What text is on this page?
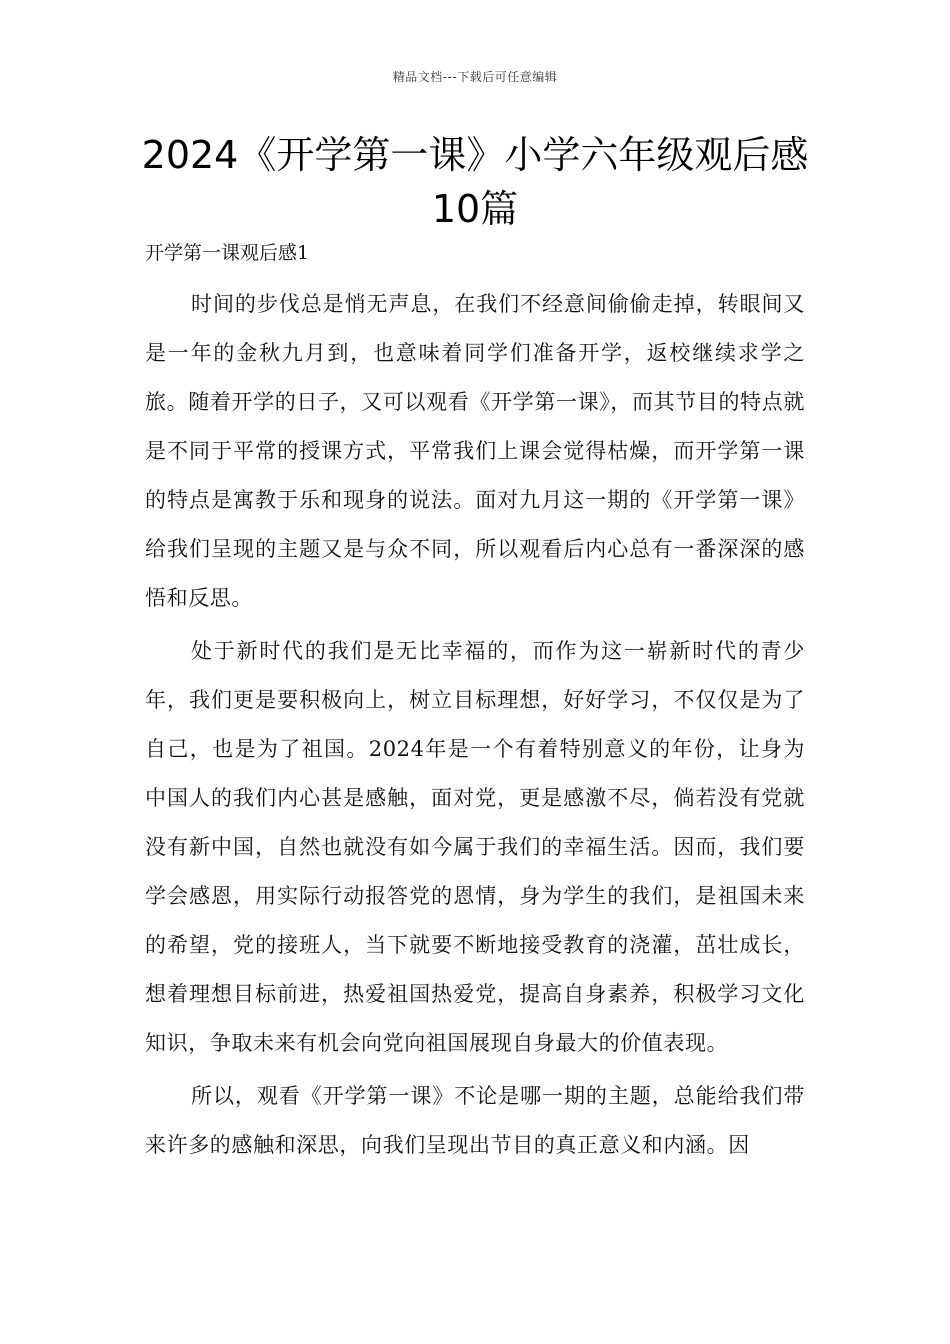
精品文档---下载后可任意编辑
2024《开学第一课》小学六年级观后感10篇
开学第一课观后感1

时间的步伐总是悄无声息，在我们不经意间偷偷走掉，转眼间又是一年的金秋九月到，也意味着同学们准备开学，返校继续求学之旅。随着开学的日子，又可以观看《开学第一课》，而其节目的特点就是不同于平常的授课方式，平常我们上课会觉得枯燥，而开学第一课的特点是寓教于乐和现身的说法。面对九月这一期的《开学第一课》给我们呈现的主题又是与众不同，所以观看后内心总有一番深深的感悟和反思。

处于新时代的我们是无比幸福的，而作为这一崭新时代的青少年，我们更是要积极向上，树立目标理想，好好学习，不仅仅是为了自己，也是为了祖国。2024年是一个有着特别意义的年份，让身为中国人的我们内心甚是感触，面对党，更是感激不尽，倘若没有党就没有新中国，自然也就没有如今属于我们的幸福生活。因而，我们要学会感恩，用实际行动报答党的恩情，身为学生的我们，是祖国未来的希望，党的接班人，当下就要不断地接受教育的浇灌，茁壮成长，想着理想目标前进，热爱祖国热爱党，提高自身素养，积极学习文化知识，争取未来有机会向党向祖国展现自身最大的价值表现。

所以，观看《开学第一课》不论是哪一期的主题，总能给我们带来许多的感触和深思，向我们呈现出节目的真正意义和内涵。因
